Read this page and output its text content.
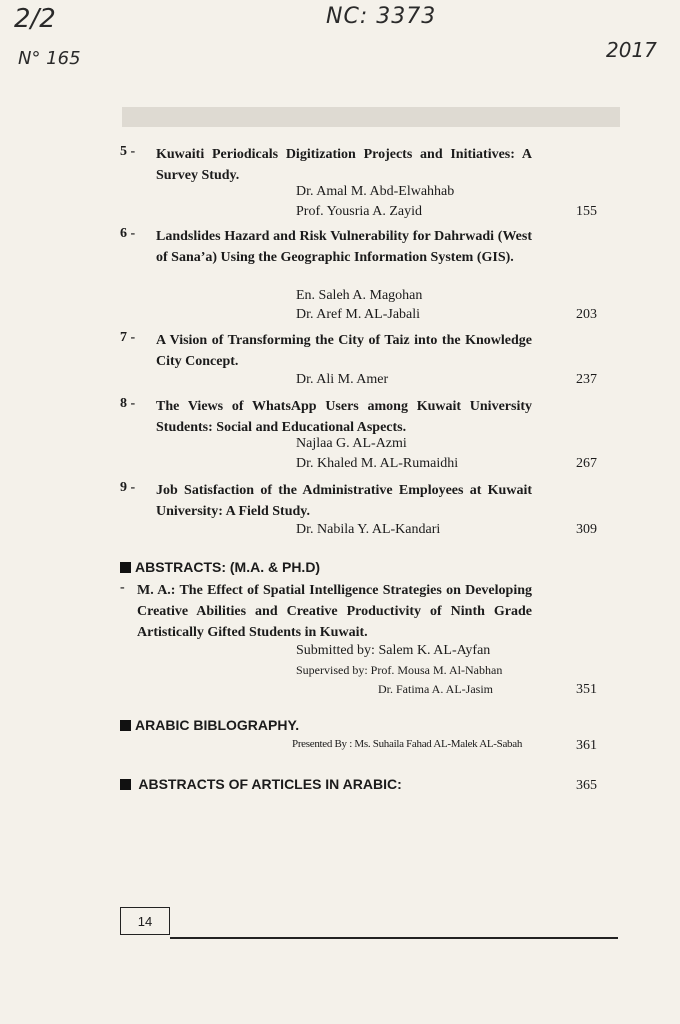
2/2
N° 165
NC: 3373
2017
5 - Kuwaiti Periodicals Digitization Projects and Initiatives: A Survey Study.
Dr. Amal M. Abd-Elwahhab
Prof. Yousria A. Zayid	155
6 - Landslides Hazard and Risk Vulnerability for Dahrwadi (West of Sana’a) Using the Geographic Information System (GIS).
En. Saleh A. Magohan
Dr. Aref M. AL-Jabali	203
7 - A Vision of Transforming the City of Taiz into the Knowledge City Concept.
Dr. Ali M. Amer	237
8 - The Views of WhatsApp Users among Kuwait University Students: Social and Educational Aspects.
Najlaa G. AL-Azmi
Dr. Khaled M. AL-Rumaidhi	267
9 - Job Satisfaction of the Administrative Employees at Kuwait University: A Field Study.
Dr. Nabila Y. AL-Kandari	309
ABSTRACTS: (M.A. & PH.D)
- M. A.: The Effect of Spatial Intelligence Strategies on Developing Creative Abilities and Creative Productivity of Ninth Grade Artistically Gifted Students in Kuwait.
Submitted by: Salem K. AL-Ayfan
Supervised by: Prof. Mousa M. Al-Nabhan
Dr. Fatima A. AL-Jasim	351
ARABIC BIBLOGRAPHY.
Presented By : Ms. Suhaila Fahad AL-Malek AL-Sabah	361
ABSTRACTS OF ARTICLES IN ARABIC:	365
14
